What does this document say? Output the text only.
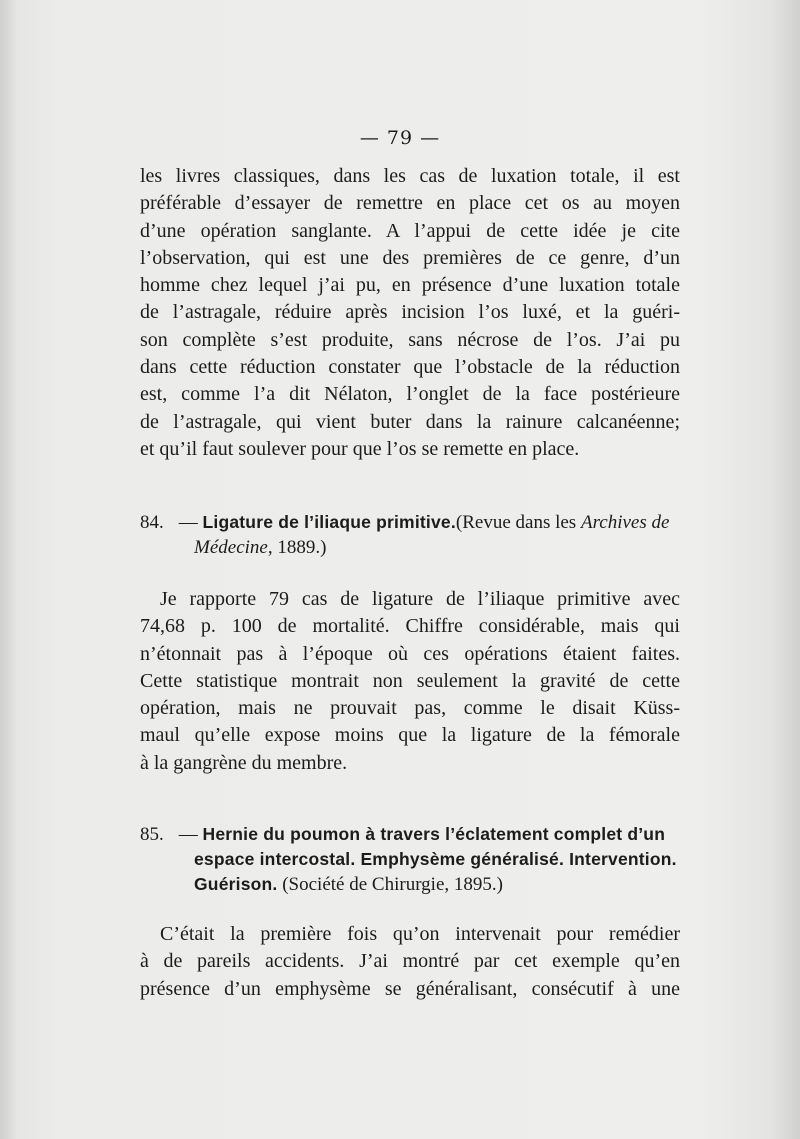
— 79 —
les livres classiques, dans les cas de luxation totale, il est
préférable d’essayer de remettre en place cet os au moyen
d’une opération sanglante. A l’appui de cette idée je cite
l’observation, qui est une des premières de ce genre, d’un
homme chez lequel j’ai pu, en présence d’une luxation totale
de l’astragale, réduire après incision l’os luxé, et la guéri-
son complète s’est produite, sans nécrose de l’os. J’ai pu
dans cette réduction constater que l’obstacle de la réduction
est, comme l’a dit Nélaton, l’onglet de la face postérieure
de l’astragale, qui vient buter dans la rainure calcanéenne;
et qu’il faut soulever pour que l’os se remette en place.
84. — Ligature de l’iliaque primitive.(Revue dans les Archives de
Médecine, 1889.)
Je rapporte 79 cas de ligature de l’iliaque primitive avec
74,68 p. 100 de mortalité. Chiffre considérable, mais qui
n’étonnait pas à l’époque où ces opérations étaient faites.
Cette statistique montrait non seulement la gravité de cette
opération, mais ne prouvait pas, comme le disait Küss-
maul qu’elle expose moins que la ligature de la fémorale
à la gangrène du membre.
85. — Hernie du poumon à travers l’éclatement complet d’un
espace intercostal. Emphysème généralisé. Intervention.
Guérison. (Société de Chirurgie, 1895.)
C’était la première fois qu’on intervenait pour remédier
à de pareils accidents. J’ai montré par cet exemple qu’en
présence d’un emphysème se généralisant, consécutif à une
